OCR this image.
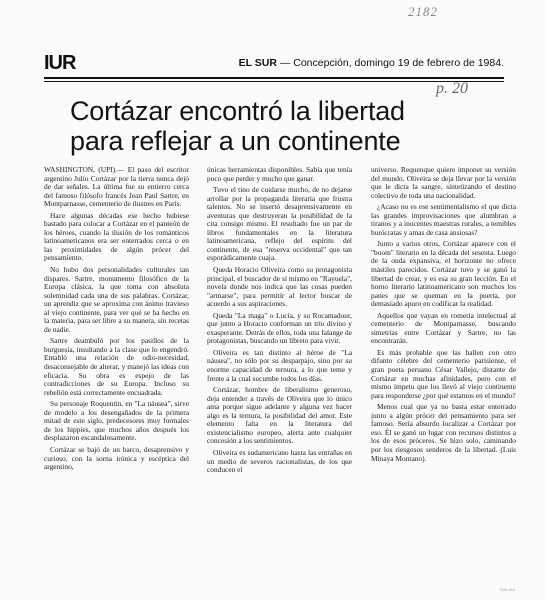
2182
p. 20
IUR	EL SUR — Concepción, domingo 19 de febrero de 1984.
Cortázar encontró la libertad
para reflejar a un continente

WASHINGTON, (UPI).— El paso del escritor argentino Julio Cortázar por la tierra nunca dejó de dar señales. La última fue su entierro cerca del famoso filósofo francés Jean Paul Sartre, en Montparnasse, cementerio de ilustres en París.

Hace algunas décadas ese hecho hubiese bastado para colocar a Cortázar en el panteón de los héroes, cuando la ilusión de los románticos latinoamericanos era ser enterrados cerca o en las proximidades de algún prócer del pensamiento.

No hubo dos personalidades culturales tan dispares. Sartre, monumento filosófico de la Europa clásica, la que toma con absoluta solemnidad cada una de sus palabras. Cortázar, un aprendiz que se aproxima con ánimo travieso al viejo continente, para ver qué se ha hecho en la materia, para ser libre a su manera, sin recetas de nadie.

Sartre deambuló por los pasillos de la burguesía, insultando a la clase que lo engendró. Entabló una relación de odio-necesidad, desaconsejable de alterar, y manejó las ideas con eficacia. Su obra es espejo de las contradicciones de su Europa. Incluso su rebelión está correctamente encuadrada.

Su personaje Roquentin, en "La náusea", sirve de modelo a los desengañados de la primera mitad de este siglo, predecesores muy formales de los hippies, que muchos años después los desplazaron escandalosamente.

Cortázar se bajó de un barco, desaprensivo y curioso, con la sorna irónica y escéptica del argentino,

únicas herramientas disponibles. Sabía que tenía poco que perder y mucho que ganar.

Tuvo el tino de cuidarse mucho, de no dejarse arrollar por la propaganda literaria que frustra talentos. No se insertó desaprensivamente en aventuras que destruyeran la posibilidad de la cita consigo mismo. El resultado fue un par de libros fundamentales en la literatura latinoamericana, reflejo del espíritu del continente, de esa "reserva occidental" que tan esporádicamente cuaja.

Queda Horacio Oliveira como su protagonista principal, el buscador de sí mismo en "Rayuela", novela donde nos indica que las cosas pueden "armarse", para permitir al lector buscar de acuerdo a sus aspiraciones.

Queda "La maga" o Lucía, y su Rocamadour, que junto a Horacio conforman un trío divino y exasperante. Detrás de ellos, toda una falange de protagonistas, buscando un libreto para vivir.

Oliveira es tan distinto al héroe de "La náusea", no sólo por su desparpajo, sino por su enorme capacidad de ternura, a lo que teme y frente a la cual sucumbe todos los días.

Cortázar, hombre de liberalismo generoso, deja entender a través de Oliveira que lo único ama porque sigue adelante y alguna vez hacer algo es la ternura, la posibilidad del amor. Este elemento falta en la literatura del existencialismo europeo, alerta ante cualquier concesión a los sentimientos.

Oliveira es sudamericano hasta las entrañas en un medio de severos racionalistas, de los que conducen el

universo. Requenque quiere imponer su versión del mundo. Oliveira se deja llevar por la versión que le dicta la sangre, sintetizando el destino colectivo de toda una nacionalidad.

¿Acaso no es ese sentimentalismo el que dicta las grandes improvisaciones que alumbran a tiranos y a inocentes maestras rurales, a temibles burócratas y amas de casa ansiosas?

Junto a varios otros, Cortázar aparece con el "boom" literario en la década del sesenta. Luego de la onda expansiva, el horizonte no ofrece mástiles parecidos. Cortázar tuvo y se ganó la libertad de crear, y es esa su gran lección. En el horno literario latinoamericano son muchos los panes que se queman en la puerta, por demasiado apuro en codificar la realidad.

Aquellos que vayan en romería intelectual al cementerio de Montparnasse, buscando simetrías entre Cortázar y Sartre, no las encontrarán.

Es más probable que las hallen con otro difunto célebre del cementerio parisiense, el gran poeta peruano César Vallejo, distante de Cortázar en muchas afinidades, pero con el mismo ímpetu que los llevó al viejo continente para responderse ¿por qué estamos en el mundo?

Menos cual que ya no basta estar enterrado junto a algún prócer del pensamiento para ser famoso. Sería absurdo localizar a Cortázar por eso. Él se ganó un lugar con recursos distintos a los de esos próceres. Se hizo solo, caminando por los riesgosos senderos de la libertad. (Luis Minaya Montano).

Foto Sur
